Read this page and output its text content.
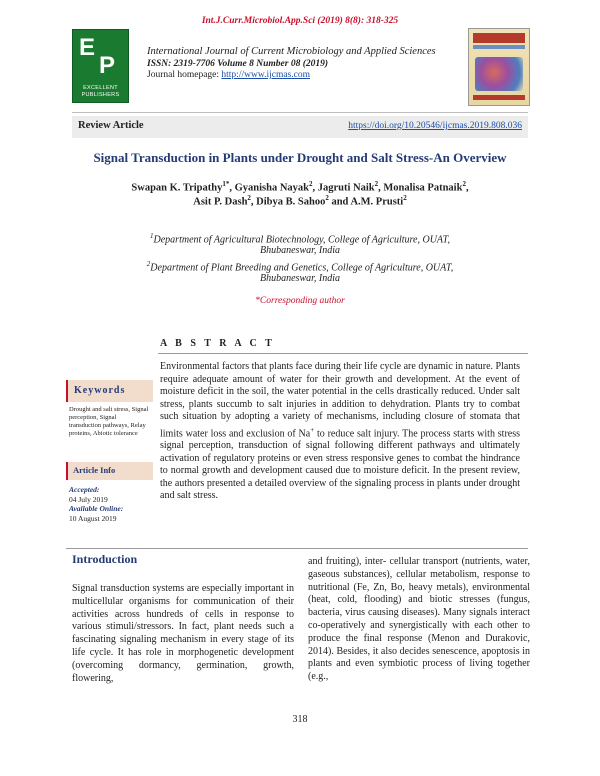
Int.J.Curr.Microbiol.App.Sci (2019) 8(8): 318-325
E
P
EXCELLENT
PUBLISHERS
International Journal of Current Microbiology and Applied Sciences
ISSN: 2319-7706 Volume 8 Number 08 (2019)
Journal homepage: http://www.ijcmas.com
Review Article	https://doi.org/10.20546/ijcmas.2019.808.036
Signal Transduction in Plants under Drought and Salt Stress-An Overview
Swapan K. Tripathy$^{1*}$, Gyanisha Nayak$^2$, Jagruti Naik$^2$, Monalisa Patnaik$^2$,
Asit P. Dash$^2$, Dibya B. Sahoo$^2$ and A.M. Prusti$^2$
$^1$Department of Agricultural Biotechnology, College of Agriculture, OUAT,
Bhubaneswar, India
$^2$Department of Plant Breeding and Genetics, College of Agriculture, OUAT,
Bhubaneswar, India
*Corresponding author
A B S T R A C T
Environmental factors that plants face during their life cycle are dynamic in nature. Plants require adequate amount of water for their growth and development. At the event of moisture deficit in the soil, the water potential in the cells drastically reduced. Under salt stress, plants succumb to salt injuries in addition to dehydration. Plants try to combat such situation by adopting a variety of mechanisms, including closure of stomata that limits water loss and exclusion of Na+ to reduce salt injury. The process starts with stress signal perception, transduction of signal following different pathways and ultimately activation of regulatory proteins or even stress responsive genes to combat the hindrance to normal growth and development caused due to moisture deficit. In the present review, the authors presented a detailed overview of the signaling process in plants under drought and salt stress.
Keywords
Drought and salt stress, Signal perception, Signal transduction pathways, Relay proteins, Abiotic tolerance
Article Info
Accepted:
04 July 2019
Available Online:
10 August 2019
Introduction
Signal transduction systems are especially important in multicellular organisms for communication of their activities across hundreds of cells in response to various stimuli/stressors. In fact, plant needs such a fascinating signaling mechanism in every stage of its life cycle. It has role in morphogenetic development (overcoming dormancy, germination, growth, flowering,
and fruiting), inter- cellular transport (nutrients, water, gaseous substances), cellular metabolism, response to nutritional (Fe, Zn, Bo, heavy metals), environmental (heat, cold, flooding) and biotic stresses (fungus, bacteria, virus causing diseases). Many signals interact co-operatively and synergistically with each other to produce the final response (Menon and Durakovic, 2014). Besides, it also decides senescence, apoptosis in plants and even symbiotic process of living together (e.g.,
318
